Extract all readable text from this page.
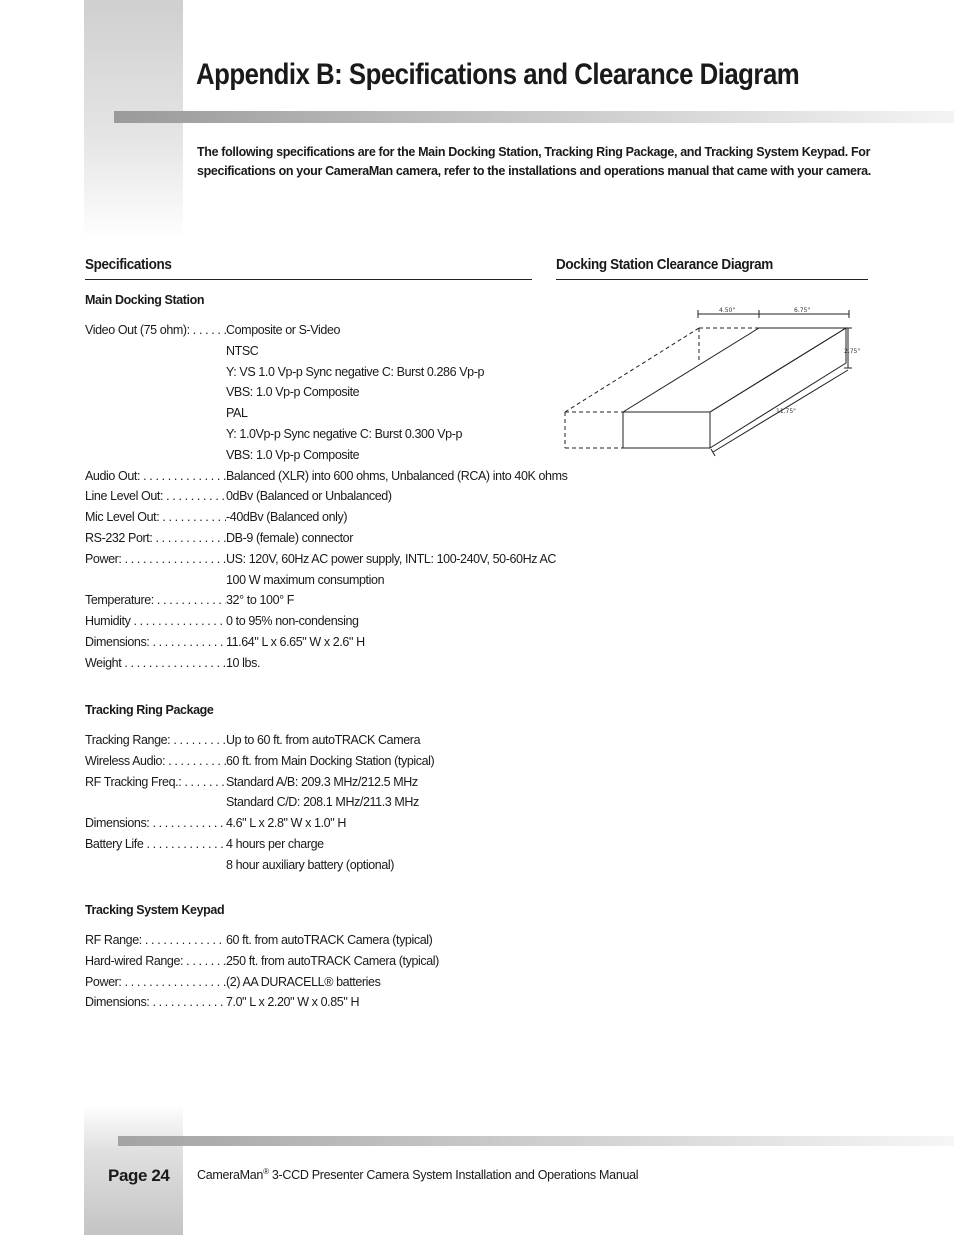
Appendix B: Specifications and Clearance Diagram

The following specifications are for the Main Docking Station, Tracking Ring Package, and Tracking System Keypad. For
specifications on your CameraMan camera, refer to the installations and operations manual that came with your camera.

Specifications	Docking Station Clearance Diagram
Main Docking Station
Video Out (75 ohm): . . .	Composite or S-Video
NTSC
Y: VS 1.0 Vp-p Sync negative C: Burst 0.286 Vp-p
VBS: 1.0 Vp-p Composite
PAL
Y: 1.0Vp-p Sync negative C: Burst 0.300 Vp-p
VBS: 1.0 Vp-p Composite
Audio Out: . . .	Balanced (XLR) into 600 ohms, Unbalanced (RCA) into 40K ohms
Line Level Out: . . .	0dBv (Balanced or Unbalanced)
Mic Level Out: . . .	-40dBv (Balanced only)
RS-232 Port: . . .	DB-9 (female) connector
Power: . . .	US: 120V, 60Hz AC power supply, INTL: 100-240V, 50-60Hz AC
100 W maximum consumption
Temperature: . . .	32° to 100° F
Humidity . . .	0 to 95% non-condensing
Dimensions: . . .	11.64" L x 6.65" W x 2.6" H
Weight . . .	10 lbs.
Tracking Ring Package
Tracking Range: . . .	Up to 60 ft. from autoTRACK Camera
Wireless Audio: . . .	60 ft. from Main Docking Station (typical)
RF Tracking Freq.: . . .	Standard A/B: 209.3 MHz/212.5 MHz
Standard C/D: 208.1 MHz/211.3 MHz
Dimensions: . . .	4.6" L x 2.8" W x 1.0" H
Battery Life . . .	4 hours per charge
8 hour auxiliary battery (optional)
Tracking System Keypad
RF Range: . . .	60 ft. from autoTRACK Camera (typical)
Hard-wired Range: . . .	250 ft. from autoTRACK Camera (typical)
Power: . . .	(2) AA DURACELL® batteries
Dimensions: . . .	7.0" L x 2.20" W x 0.85" H
4.50"	6.75"
2.75"
11.75"
Page 24 CameraMan® 3-CCD Presenter Camera System Installation and Operations Manual
